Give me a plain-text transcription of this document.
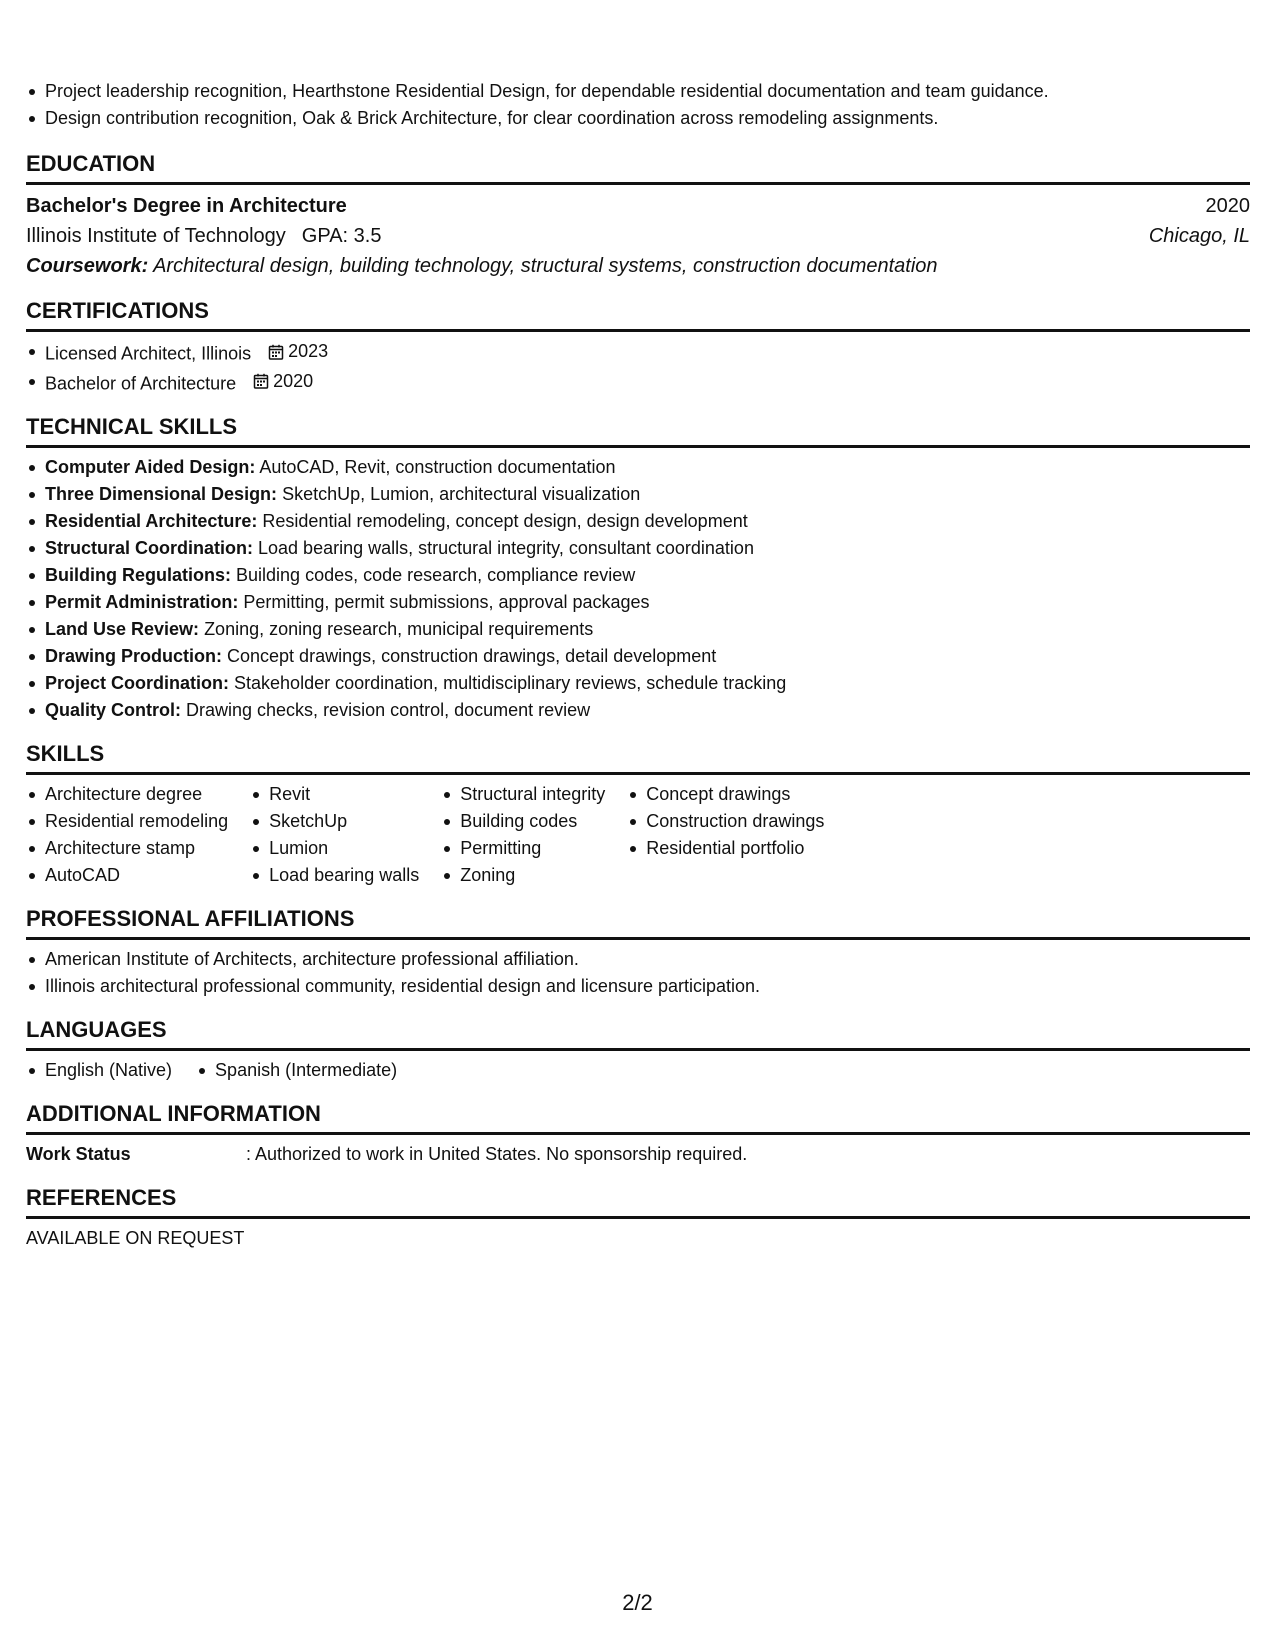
Project leadership recognition, Hearthstone Residential Design, for dependable residential documentation and team guidance.
Design contribution recognition, Oak & Brick Architecture, for clear coordination across remodeling assignments.
EDUCATION
Bachelor's Degree in Architecture	2020
Illinois Institute of Technology GPA: 3.5	Chicago, IL
Coursework: Architectural design, building technology, structural systems, construction documentation
CERTIFICATIONS
Licensed Architect, Illinois 2023
Bachelor of Architecture 2020
TECHNICAL SKILLS
Computer Aided Design: AutoCAD, Revit, construction documentation
Three Dimensional Design: SketchUp, Lumion, architectural visualization
Residential Architecture: Residential remodeling, concept design, design development
Structural Coordination: Load bearing walls, structural integrity, consultant coordination
Building Regulations: Building codes, code research, compliance review
Permit Administration: Permitting, permit submissions, approval packages
Land Use Review: Zoning, zoning research, municipal requirements
Drawing Production: Concept drawings, construction drawings, detail development
Project Coordination: Stakeholder coordination, multidisciplinary reviews, schedule tracking
Quality Control: Drawing checks, revision control, document review
SKILLS
Architecture degree
Residential remodeling
Architecture stamp
AutoCAD
Revit
SketchUp
Lumion
Load bearing walls
Structural integrity
Building codes
Permitting
Zoning
Concept drawings
Construction drawings
Residential portfolio
PROFESSIONAL AFFILIATIONS
American Institute of Architects, architecture professional affiliation.
Illinois architectural professional community, residential design and licensure participation.
LANGUAGES
English (Native)	Spanish (Intermediate)
ADDITIONAL INFORMATION
Work Status	: Authorized to work in United States. No sponsorship required.
REFERENCES
AVAILABLE ON REQUEST
2/2
